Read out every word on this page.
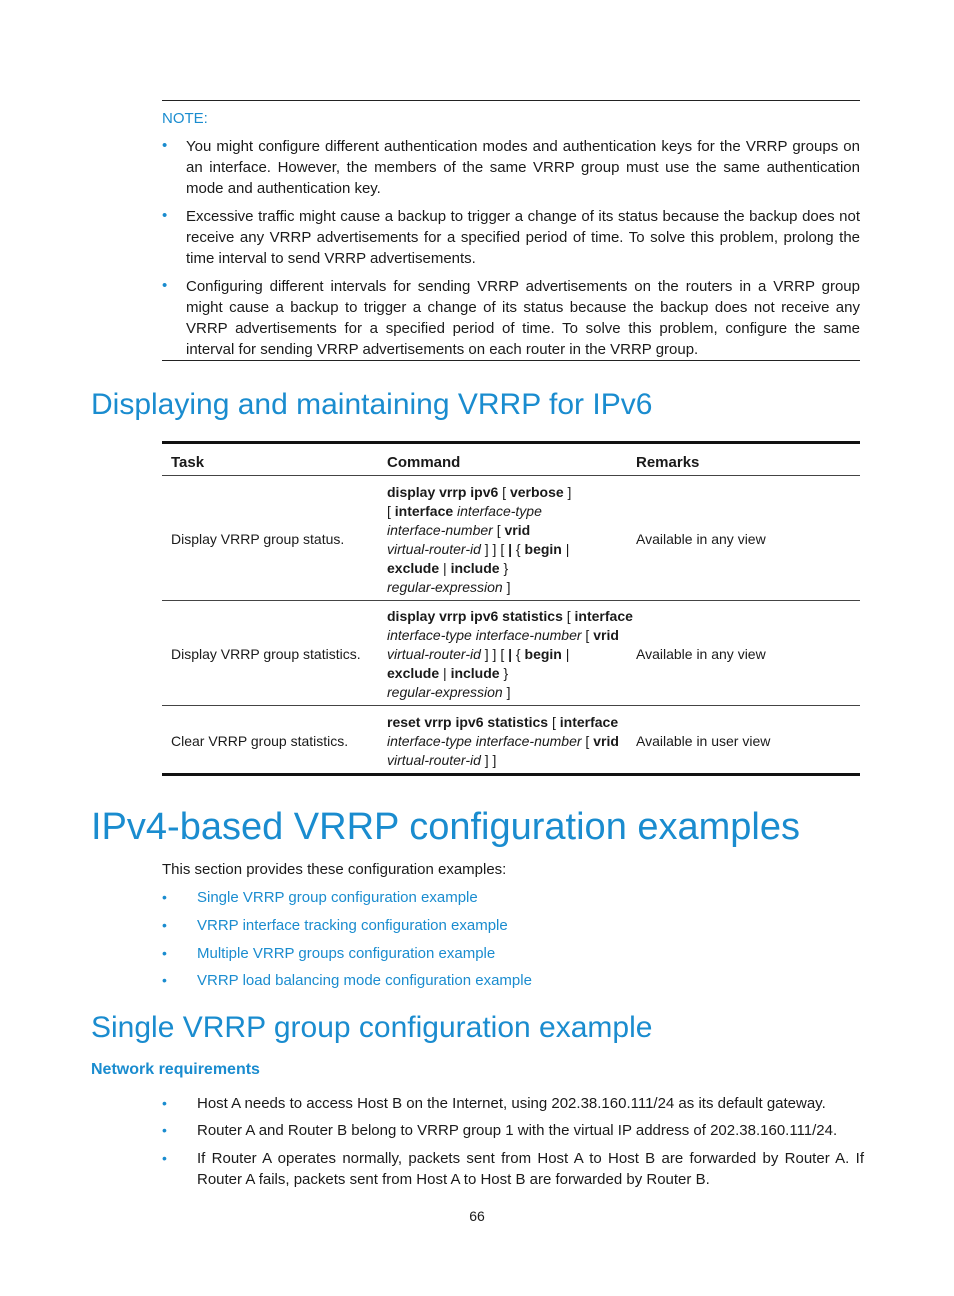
NOTE:
• You might configure different authentication modes and authentication keys for the VRRP groups on an interface. However, the members of the same VRRP group must use the same authentication mode and authentication key.
• Excessive traffic might cause a backup to trigger a change of its status because the backup does not receive any VRRP advertisements for a specified period of time. To solve this problem, prolong the time interval to send VRRP advertisements.
• Configuring different intervals for sending VRRP advertisements on the routers in a VRRP group might cause a backup to trigger a change of its status because the backup does not receive any VRRP advertisements for a specified period of time. To solve this problem, configure the same interval for sending VRRP advertisements on each router in the VRRP group.
Displaying and maintaining VRRP for IPv6
Task	Command	Remarks
Display VRRP group status.
display vrrp ipv6 [ verbose ]
[ interface interface-type
interface-number [ vrid
virtual-router-id ] ] [ | { begin |
exclude | include }
regular-expression ]
Available in any view
Display VRRP group statistics.
display vrrp ipv6 statistics [ interface
interface-type interface-number [ vrid
virtual-router-id ] ] [ | { begin |
exclude | include }
regular-expression ]
Available in any view
Clear VRRP group statistics.
reset vrrp ipv6 statistics [ interface
interface-type interface-number [ vrid
virtual-router-id ] ]
Available in user view
IPv4-based VRRP configuration examples
This section provides these configuration examples:
• Single VRRP group configuration example
• VRRP interface tracking configuration example
• Multiple VRRP groups configuration example
• VRRP load balancing mode configuration example
Single VRRP group configuration example
Network requirements
• Host A needs to access Host B on the Internet, using 202.38.160.111/24 as its default gateway.
• Router A and Router B belong to VRRP group 1 with the virtual IP address of 202.38.160.111/24.
• If Router A operates normally, packets sent from Host A to Host B are forwarded by Router A. If Router A fails, packets sent from Host A to Host B are forwarded by Router B.
66
